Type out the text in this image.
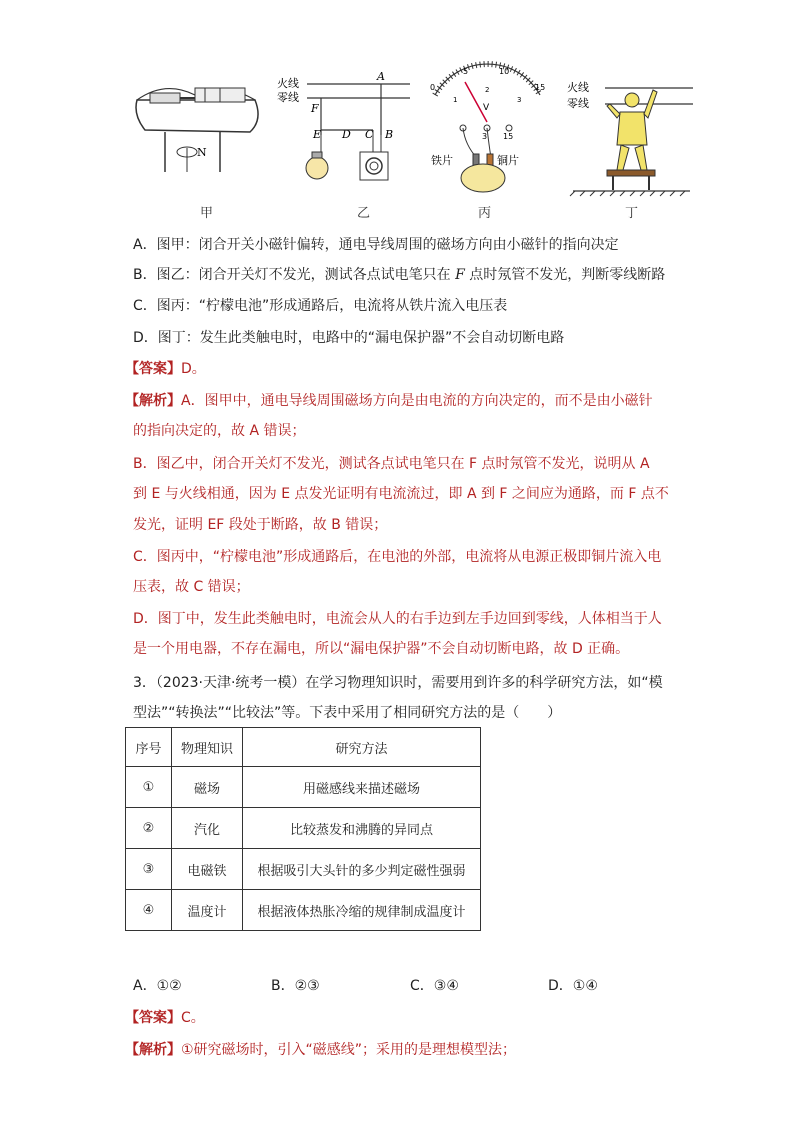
N
火线
零线
A
F
E D C B
0
5	10
15
1
2
3
V
3 15
铁片	铜片
火线
零线
甲	乙	丙	丁
A．图甲：闭合开关小磁针偏转，通电导线周围的磁场方向由小磁针的指向决定
B．图乙：闭合开关灯不发光，测试各点试电笔只在 F 点时氖管不发光，判断零线断路
C．图丙：“柠檬电池”形成通路后，电流将从铁片流入电压表
D．图丁：发生此类触电时，电路中的“漏电保护器”不会自动切断电路
【答案】D。
【解析】A．图甲中，通电导线周围磁场方向是由电流的方向决定的，而不是由小磁针
的指向决定的，故 A 错误；
B．图乙中，闭合开关灯不发光，测试各点试电笔只在 F 点时氖管不发光，说明从 A
到 E 与火线相通，因为 E 点发光证明有电流流过，即 A 到 F 之间应为通路，而 F 点不
发光，证明 EF 段处于断路，故 B 错误；
C．图丙中，“柠檬电池”形成通路后，在电池的外部，电流将从电源正极即铜片流入电
压表，故 C 错误；
D．图丁中，发生此类触电时，电流会从人的右手边到左手边回到零线，人体相当于人
是一个用电器，不存在漏电，所以“漏电保护器”不会自动切断电路，故 D 正确。
3．（2023·天津·统考一模）在学习物理知识时，需要用到许多的科学研究方法，如“模
型法”“转换法”“比较法”等。下表中采用了相同研究方法的是（　　）
序号	物理知识	研究方法
①	磁场	用磁感线来描述磁场
②	汽化	比较蒸发和沸腾的异同点
③	电磁铁	根据吸引大头针的多少判定磁性强弱
④	温度计	根据液体热胀冷缩的规律制成温度计
A．①②	B．②③	C．③④	D．①④
【答案】C。
【解析】①研究磁场时，引入“磁感线”；采用的是理想模型法；
